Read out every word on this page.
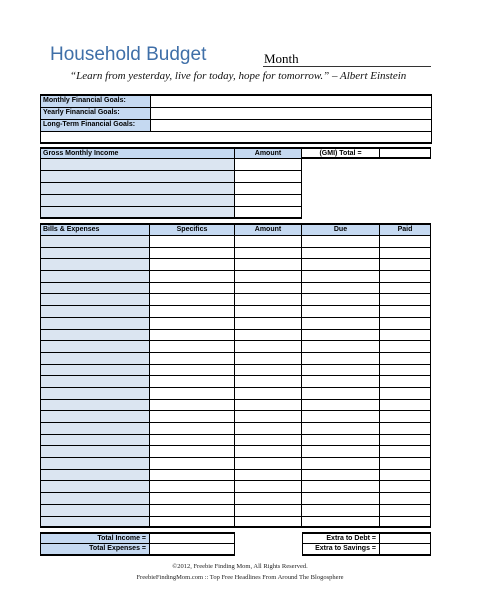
Household Budget	Month
“Learn from yesterday, live for today, hope for tomorrow.” – Albert Einstein
Monthly Financial Goals:
Yearly Financial Goals:
Long-Term Financial Goals:
Gross Monthly Income	Amount	(GMI) Total =
Bills & Expenses	Specifics	Amount	Due	Paid
Total Income =	Extra to Debt =
Total Expenses =	Extra to Savings =
©2012, Freebie Finding Mom, All Rights Reserved.
FreebieFindingMom.com :: Top Free Headlines From Around The Blogosphere
